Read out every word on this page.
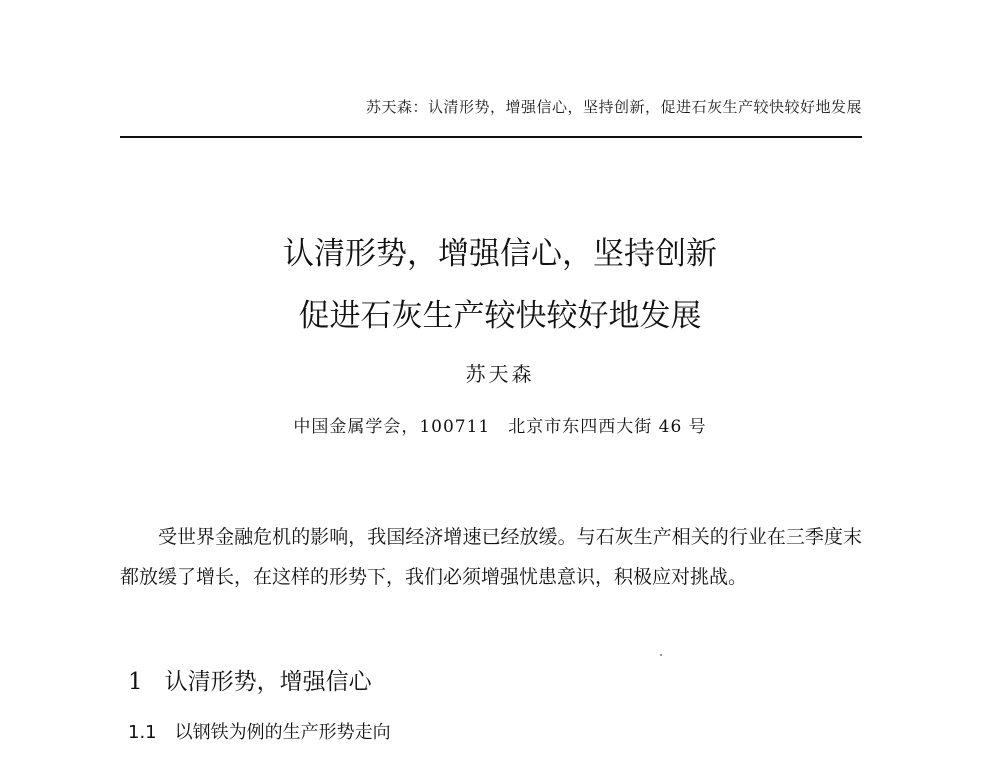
苏天森：认清形势，增强信心，坚持创新，促进石灰生产较快较好地发展
认清形势，增强信心，坚持创新
促进石灰生产较快较好地发展
苏天森
中国金属学会，100711　北京市东四西大街 46 号

受世界金融危机的影响，我国经济增速已经放缓。与石灰生产相关的行业在三季度末都放缓了增长，在这样的形势下，我们必须增强忧患意识，积极应对挑战。

1 认清形势，增强信心
1.1 以钢铁为例的生产形势走向
